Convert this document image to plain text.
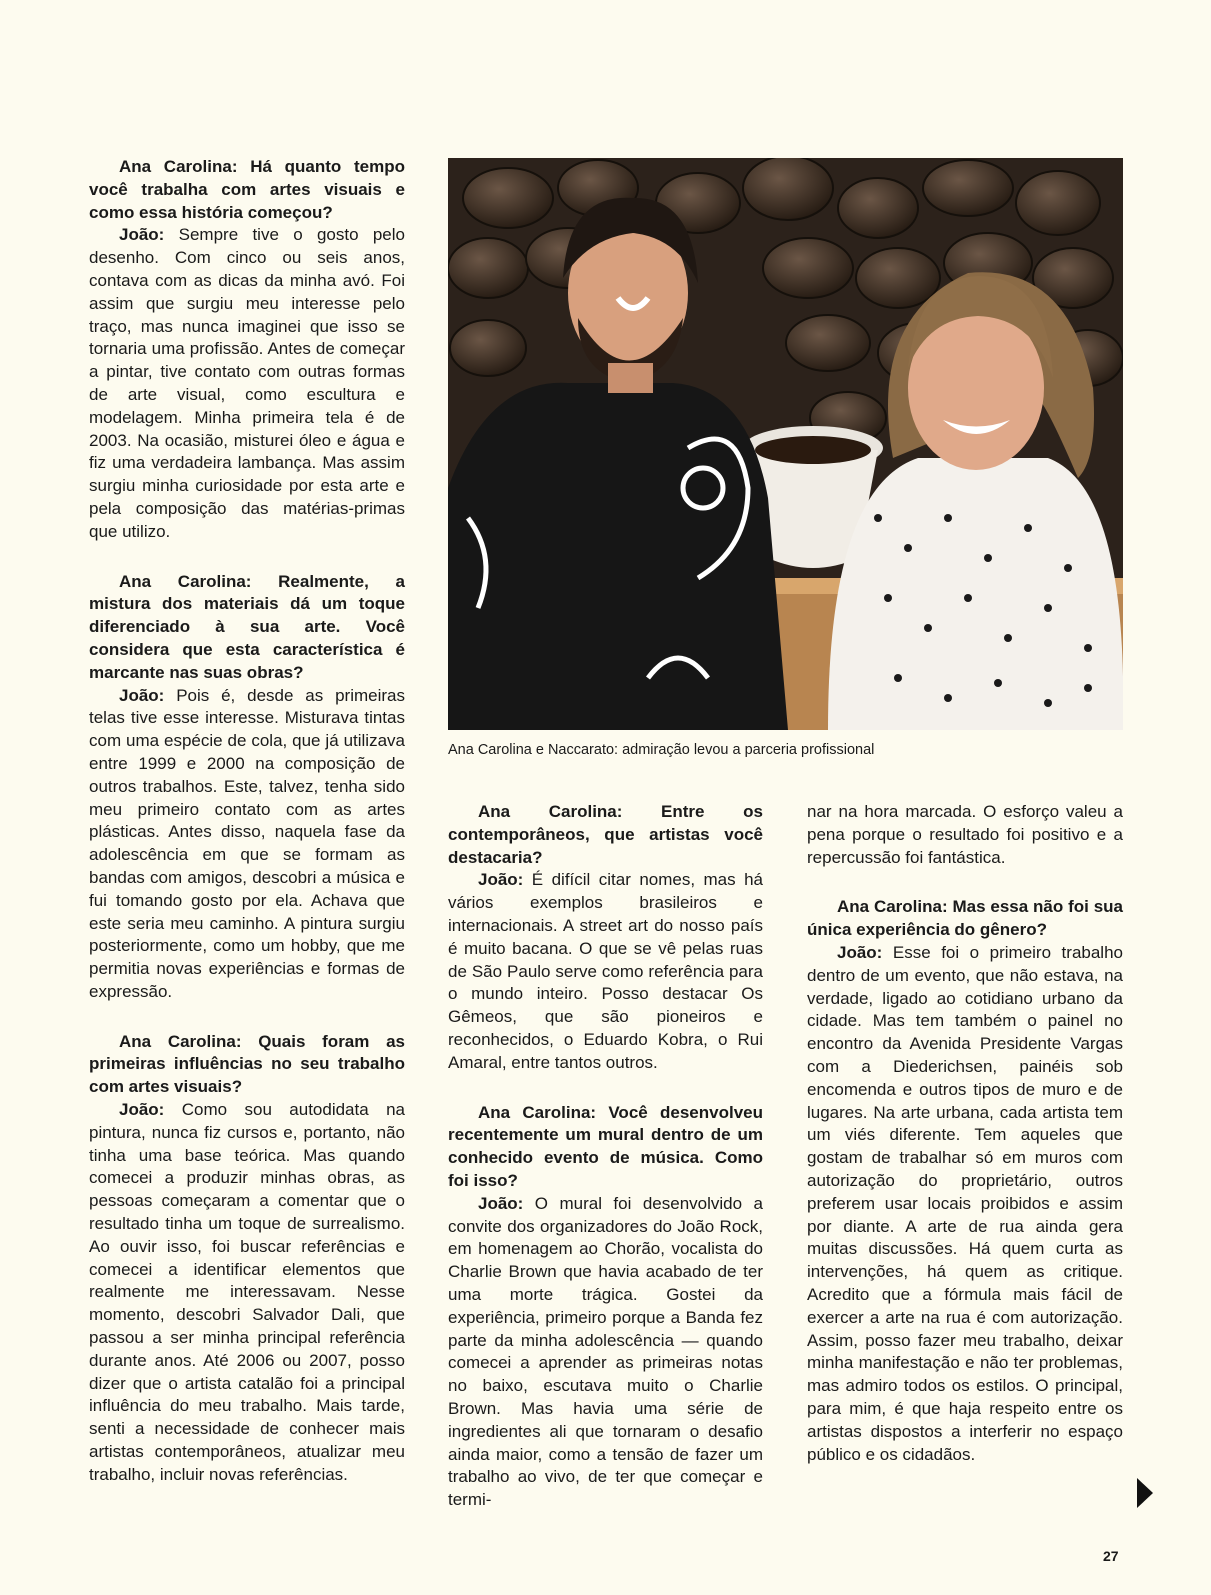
Ana Carolina: Há quanto tempo você trabalha com artes visuais e como essa história começou?
João: Sempre tive o gosto pelo desenho. Com cinco ou seis anos, contava com as dicas da minha avó. Foi assim que surgiu meu interesse pelo traço, mas nunca imaginei que isso se tornaria uma profissão. Antes de começar a pintar, tive contato com outras formas de arte visual, como escultura e modelagem. Minha primeira tela é de 2003. Na ocasião, misturei óleo e água e fiz uma verdadeira lambança. Mas assim surgiu minha curiosidade por esta arte e pela composição das matérias-primas que utilizo.
Ana Carolina: Realmente, a mistura dos materiais dá um toque diferenciado à sua arte. Você considera que esta característica é marcante nas suas obras?
João: Pois é, desde as primeiras telas tive esse interesse. Misturava tintas com uma espécie de cola, que já utilizava entre 1999 e 2000 na composição de outros trabalhos. Este, talvez, tenha sido meu primeiro contato com as artes plásticas. Antes disso, naquela fase da adolescência em que se formam as bandas com amigos, descobri a música e fui tomando gosto por ela. Achava que este seria meu caminho. A pintura surgiu posteriormente, como um hobby, que me permitia novas experiências e formas de expressão.
Ana Carolina: Quais foram as primeiras influências no seu trabalho com artes visuais?
João: Como sou autodidata na pintura, nunca fiz cursos e, portanto, não tinha uma base teórica. Mas quando comecei a produzir minhas obras, as pessoas começaram a comentar que o resultado tinha um toque de surrealismo. Ao ouvir isso, foi buscar referências e comecei a identificar elementos que realmente me interessavam. Nesse momento, descobri Salvador Dali, que passou a ser minha principal referência durante anos. Até 2006 ou 2007, posso dizer que o artista catalão foi a principal influência do meu trabalho. Mais tarde, senti a necessidade de conhecer mais artistas contemporâneos, atualizar meu trabalho, incluir novas referências.
Ana Carolina e Naccarato: admiração levou a parceria profissional
Ana Carolina: Entre os contemporâneos, que artistas você destacaria?
João: É difícil citar nomes, mas há vários exemplos brasileiros e internacionais. A street art do nosso país é muito bacana. O que se vê pelas ruas de São Paulo serve como referência para o mundo inteiro. Posso destacar Os Gêmeos, que são pioneiros e reconhecidos, o Eduardo Kobra, o Rui Amaral, entre tantos outros.
Ana Carolina: Você desenvolveu recentemente um mural dentro de um conhecido evento de música. Como foi isso?
João: O mural foi desenvolvido a convite dos organizadores do João Rock, em homenagem ao Chorão, vocalista do Charlie Brown que havia acabado de ter uma morte trágica. Gostei da experiência, primeiro porque a Banda fez parte da minha adolescência — quando comecei a aprender as primeiras notas no baixo, escutava muito o Charlie Brown. Mas havia uma série de ingredientes ali que tornaram o desafio ainda maior, como a tensão de fazer um trabalho ao vivo, de ter que começar e termi-
nar na hora marcada. O esforço valeu a pena porque o resultado foi positivo e a repercussão foi fantástica.
Ana Carolina: Mas essa não foi sua única experiência do gênero?
João: Esse foi o primeiro trabalho dentro de um evento, que não estava, na verdade, ligado ao cotidiano urbano da cidade. Mas tem também o painel no encontro da Avenida Presidente Vargas com a Diederichsen, painéis sob encomenda e outros tipos de muro e de lugares. Na arte urbana, cada artista tem um viés diferente. Tem aqueles que gostam de trabalhar só em muros com autorização do proprietário, outros preferem usar locais proibidos e assim por diante. A arte de rua ainda gera muitas discussões. Há quem curta as intervenções, há quem as critique. Acredito que a fórmula mais fácil de exercer a arte na rua é com autorização. Assim, posso fazer meu trabalho, deixar minha manifestação e não ter problemas, mas admiro todos os estilos. O principal, para mim, é que haja respeito entre os artistas dispostos a interferir no espaço público e os cidadãos.
27
